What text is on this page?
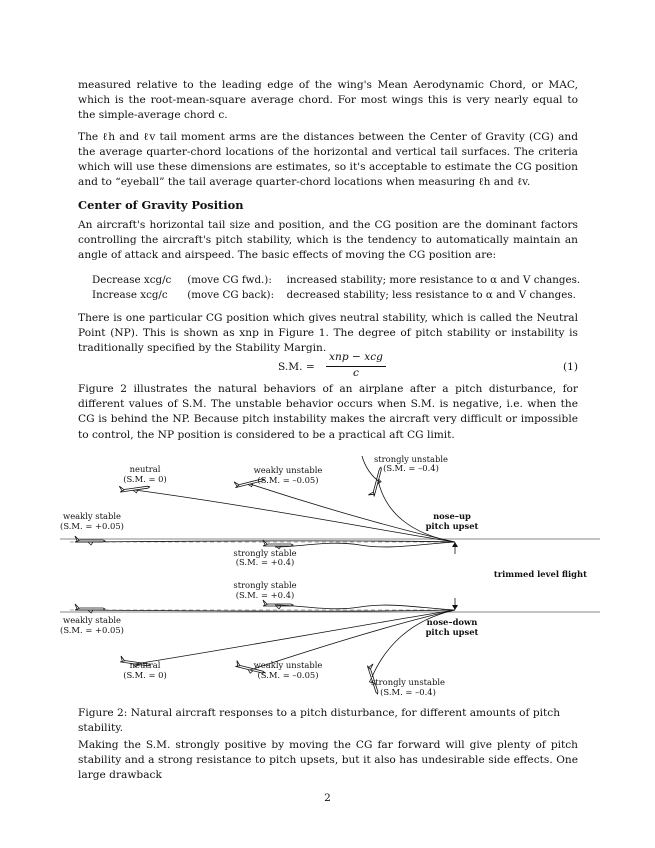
measured relative to the leading edge of the wing's Mean Aerodynamic Chord, or MAC, which is the root-mean-square average chord. For most wings this is very nearly equal to the simple-average chord c.

The ℓh and ℓv tail moment arms are the distances between the Center of Gravity (CG) and the average quarter-chord locations of the horizontal and vertical tail surfaces. The criteria which will use these dimensions are estimates, so it's acceptable to estimate the CG position and to “eyeball” the tail average quarter-chord locations when measuring ℓh and ℓv.

Center of Gravity Position

An aircraft's horizontal tail size and position, and the CG position are the dominant factors controlling the aircraft's pitch stability, which is the tendency to automatically maintain an angle of attack and airspeed. The basic effects of moving the CG position are:

Decrease xcg/c (move CG fwd.): increased stability; more resistance to α and V changes.
Increase xcg/c (move CG back): decreased stability; less resistance to α and V changes.

There is one particular CG position which gives neutral stability, which is called the Neutral Point (NP). This is shown as xnp in Figure 1. The degree of pitch stability or instability is traditionally specified by the Stability Margin.

S.M. =
xnp − xcg
c	(1)

Figure 2 illustrates the natural behaviors of an airplane after a pitch disturbance, for different values of S.M. The unstable behavior occurs when S.M. is negative, i.e. when the CG is behind the NP. Because pitch instability makes the aircraft very difficult or impossible to control, the NP position is considered to be a practical aft CG limit.

neutral
(S.M. = 0)
weakly unstable
(S.M. = –0.05)
strongly unstable
(S.M. = –0.4)
weakly stable
(S.M. = +0.05)
strongly stable
(S.M. = +0.4)
nose–up
pitch upset
trimmed level flight
strongly stable
(S.M. = +0.4)
weakly stable
(S.M. = +0.05)
nose–down
pitch upset
neutral
(S.M. = 0)
weakly unstable
(S.M. = –0.05)
strongly unstable
(S.M. = –0.4)
Figure 2: Natural aircraft responses to a pitch disturbance, for different amounts of pitch stability.

Making the S.M. strongly positive by moving the CG far forward will give plenty of pitch stability and a strong resistance to pitch upsets, but it also has undesirable side effects. One large drawback

2
